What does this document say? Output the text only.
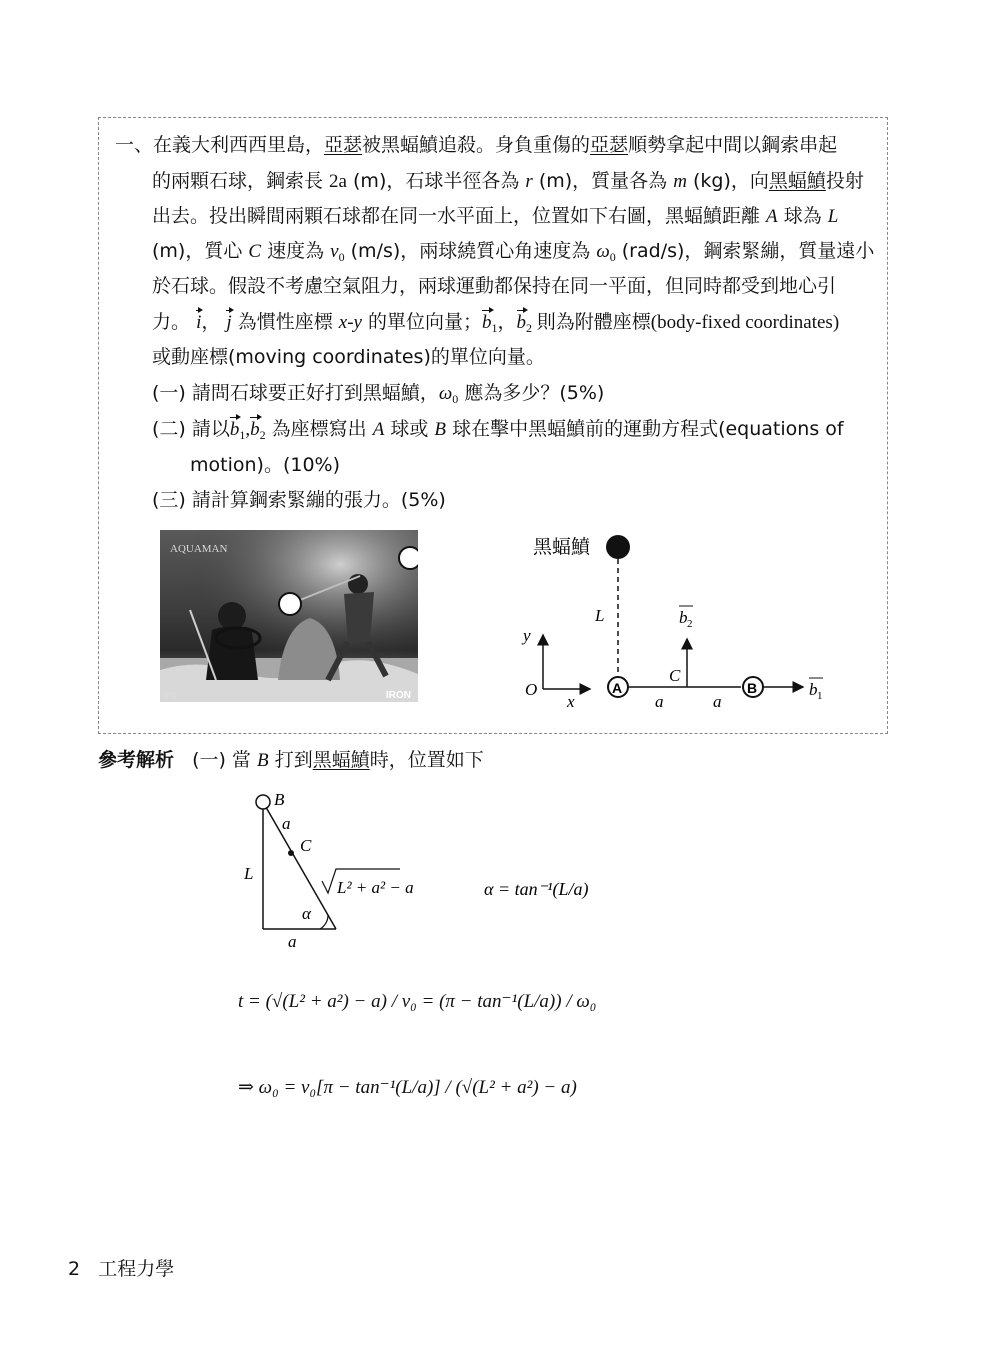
一、在義大利西西里島，亞瑟被黑蝠鱝追殺。身負重傷的亞瑟順勢拿起中間以鋼索串起
的兩顆石球，鋼索長 2a (m)，石球半徑各為 r (m)，質量各為 m (kg)，向黑蝠鱝投射
出去。投出瞬間兩顆石球都在同一水平面上，位置如下右圖，黑蝠鱝距離 A 球為 L
(m)，質心 C 速度為 $v_0$ (m/s)，兩球繞質心角速度為 $\omega_0$ (rad/s)，鋼索緊繃，質量遠小
於石球。假設不考慮空氣阻力，兩球運動都保持在同一平面，但同時都受到地心引
力。 i， j 為慣性座標 x-y 的單位向量；$b_1$，$b_2$ 則為附體座標(body-fixed coordinates)
或動座標(moving coordinates)的單位向量。
(一) 請問石球要正好打到黑蝠鱝，$\omega_0$ 應為多少？(5%)
(二) 請以$b_1,b_2$ 為座標寫出 A 球或 B 球在擊中黑蝠鱝前的運動方程式(equations of
motion)。(10%)
(三) 請計算鋼索緊繃的張力。(5%)
AQUAMAN
IRON
© ©
黑蝠鱝
L	b 2
y
O
x
A	B
C
a	a
b 1
參考解析 (一) 當 B 打到黑蝠鱝時，位置如下
B
a
C
L
α
a
L² + a² − a	α = tan⁻¹(L/a)
t = (√(L² + a²) − a) / v₀ = (π − tan⁻¹(L/a)) / ω₀
⇒ ω₀ = v₀[π − tan⁻¹(L/a)] / (√(L² + a²) − a)
2 工程力學
